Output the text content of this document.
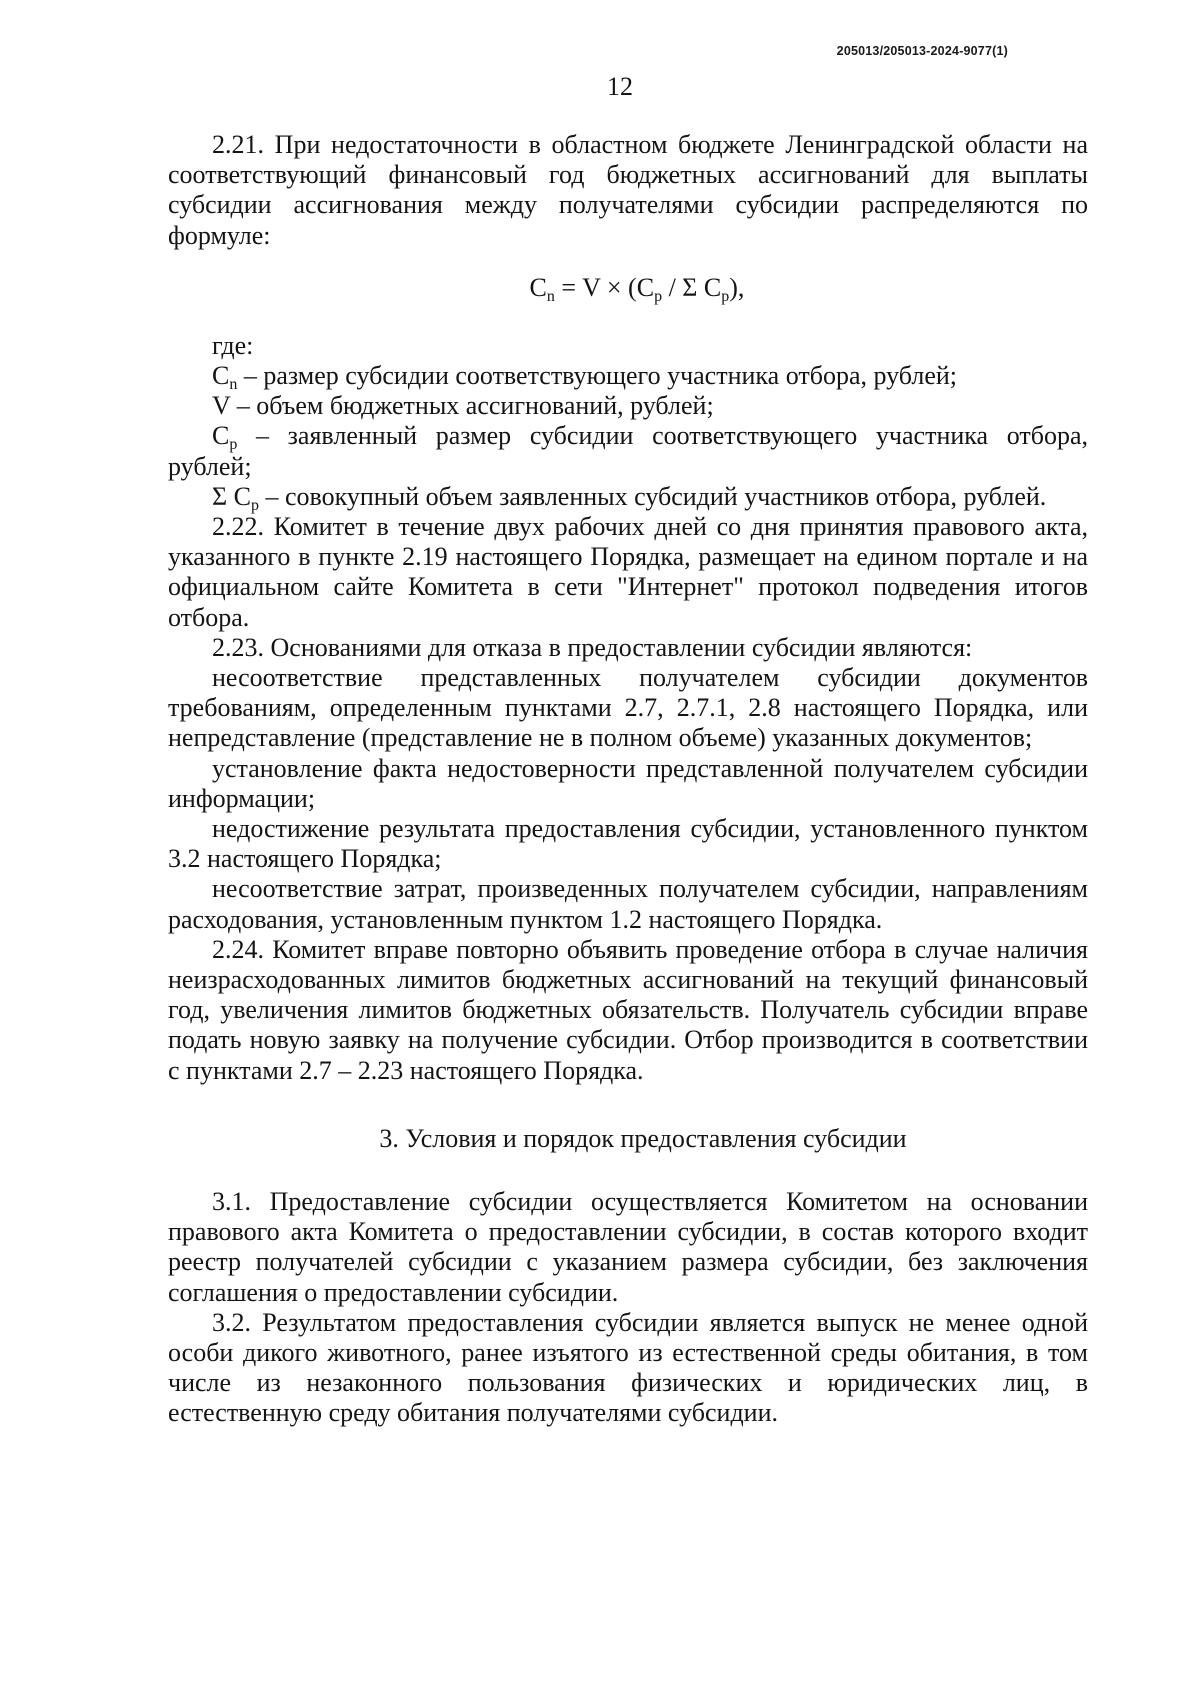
205013/205013-2024-9077(1)
12

2.21. При недостаточности в областном бюджете Ленинградской области на соответствующий финансовый год бюджетных ассигнований для выплаты субсидии ассигнования между получателями субсидии распределяются по формуле:

$C_n = V \times (C_p / \Sigma$ $C_p$),

где:

Cn – размер субсидии соответствующего участника отбора, рублей;

V – объем бюджетных ассигнований, рублей;

Cp – заявленный размер субсидии соответствующего участника отбора, рублей;

Σ Cp – совокупный объем заявленных субсидий участников отбора, рублей.

2.22. Комитет в течение двух рабочих дней со дня принятия правового акта, указанного в пункте 2.19 настоящего Порядка, размещает на едином портале и на официальном сайте Комитета в сети "Интернет" протокол подведения итогов отбора.

2.23. Основаниями для отказа в предоставлении субсидии являются:

несоответствие представленных получателем субсидии документов требованиям, определенным пунктами 2.7, 2.7.1, 2.8 настоящего Порядка, или непредставление (представление не в полном объеме) указанных документов;

установление факта недостоверности представленной получателем субсидии информации;

недостижение результата предоставления субсидии, установленного пунктом 3.2 настоящего Порядка;

несоответствие затрат, произведенных получателем субсидии, направлениям расходования, установленным пунктом 1.2 настоящего Порядка.

2.24. Комитет вправе повторно объявить проведение отбора в случае наличия неизрасходованных лимитов бюджетных ассигнований на текущий финансовый год, увеличения лимитов бюджетных обязательств. Получатель субсидии вправе подать новую заявку на получение субсидии. Отбор производится в соответствии с пунктами 2.7 – 2.23 настоящего Порядка.

3. Условия и порядок предоставления субсидии

3.1. Предоставление субсидии осуществляется Комитетом на основании правового акта Комитета о предоставлении субсидии, в состав которого входит реестр получателей субсидии с указанием размера субсидии, без заключения соглашения о предоставлении субсидии.

3.2. Результатом предоставления субсидии является выпуск не менее одной особи дикого животного, ранее изъятого из естественной среды обитания, в том числе из незаконного пользования физических и юридических лиц, в естественную среду обитания получателями субсидии.
